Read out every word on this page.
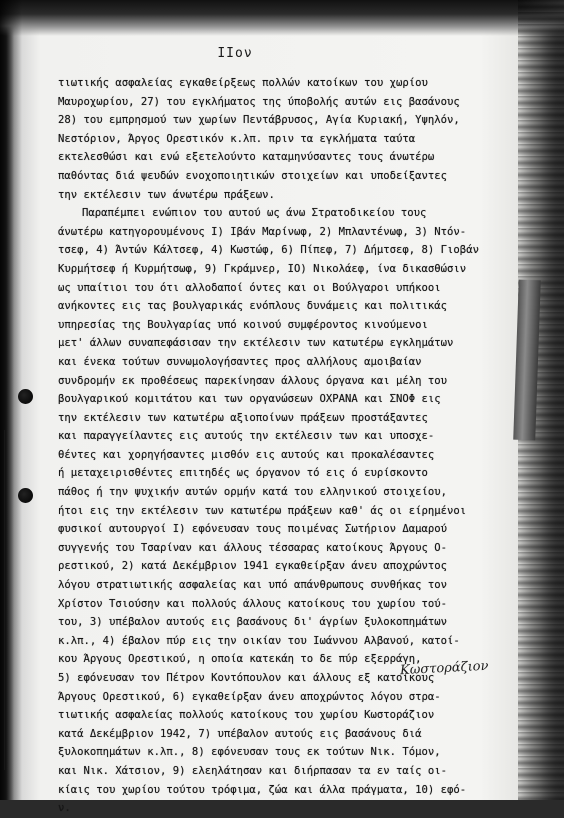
IIον
τιωτικής ασφαλείας εγκαθείρξεως πολλών κατοίκων του χωρίου
Μαυροχωρίου, 27) του εγκλήματος της ύποβολής αυτών εις βασάνους
28) του εμπρησμού των χωρίων Πεντάβρυσος, Αγία Κυριακή, Υψηλόν,
Νεστόριον, Άργος Ορεστικόν κ.λπ. πριν τα εγκλήματα ταύτα
εκτελεσθώσι και ενώ εξετελούντο καταμηνύσαντες τους άνωτέρω
παθόντας διά ψευδών ενοχοποιητικών στοιχείων και υποδείξαντες
την εκτέλεσιν των άνωτέρω πράξεων.
Παραπέμπει ενώπιον του αυτού ως άνω Στρατοδικείου τους
άνωτέρω κατηγορουμένους I) Ιβάν Μαρίνωφ, 2) Μπλαντένωφ, 3) Ντόν-
τσεφ, 4) Άντών Κάλτσεφ, 4) Κωστώφ, 6) Πίπεφ, 7) Δήμτσεφ, 8) Γιοβάν
Κυρμήτσεφ ή Κυρμήτσωφ, 9) Γκράμνερ, IO) Νικολάεφ, ίνα δικασθώσιν
ως υπαίτιοι του ότι αλλοδαποί όντες και οι Βούλγαροι υπήκοοι
ανήκοντες εις τας βουλγαρικάς ενόπλους δυνάμεις και πολιτικάς
υπηρεσίας της Βουλγαρίας υπό κοινού συμφέροντος κινούμενοι
μετ' άλλων συναπεφάσισαν την εκτέλεσιν των κατωτέρω εγκλημάτων
και ένεκα τούτων συνωμολογήσαντες προς αλλήλους αμοιβαίαν
συνδρομήν εκ προθέσεως παρεκίνησαν άλλους όργανα και μέλη του
βουλγαρικού κομιτάτου και των οργανώσεων ΟΧΡΑΝΑ και ΣΝΟΦ εις
την εκτέλεσιν των κατωτέρω αξιοποίνων πράξεων προστάξαντες
και παραγγείλαντες εις αυτούς την εκτέλεσιν των και υποσχε-
θέντες και χορηγήσαντες μισθόν εις αυτούς και προκαλέσαντες
ή μεταχειρισθέντες επιτηδές ως όργανον τό εις ό ευρίσκοντο
πάθος ή την ψυχικήν αυτών ορμήν κατά του ελληνικού στοιχείου,
ήτοι εις την εκτέλεσιν των κατωτέρω πράξεων καθ' άς οι είρημένοι
φυσικοί αυτουργοί I) εφόνευσαν τους ποιμένας Σωτήριον Δαμαρού
συγγενής του Τσαρίναν και άλλους τέσσαρας κατοίκους Άργους Ο-
ρεστικού, 2) κατά Δεκέμβριον 1941 εγκαθείρξαν άνευ αποχρώντος
λόγου στρατιωτικής ασφαλείας και υπό απάνθρωπους συνθήκας τον
Χρίστον Τσιούσην και πολλούς άλλους κατοίκους του χωρίου τού-
του, 3) υπέβαλον αυτούς εις βασάνους δι' άγρίων ξυλοκοπημάτων
κ.λπ., 4) έβαλον πύρ εις την οικίαν του Ιωάννου Αλβανού, κατοί-
κου Άργους Ορεστικού, η οποία κατεκάη το δε πύρ εξερράγη,
5) εφόνευσαν τον Πέτρον Κοντόπουλον και άλλους εξ κατοίκους
Άργους Ορεστικού, 6) εγκαθείρξαν άνευ αποχρώντος λόγου στρα-
τιωτικής ασφαλείας πολλούς κατοίκους του χωρίου Κωστοράζιον
κατά Δεκέμβριον 1942, 7) υπέβαλον αυτούς εις βασάνους διά
ξυλοκοπημάτων κ.λπ., 8) εφόνευσαν τους εκ τούτων Νικ. Τόμον,
και Νικ. Χάτσιον, 9) ελεηλάτησαν και διήρπασαν τα εν ταίς οι-
κίαις του χωρίου τούτου τρόφιμα, ζώα και άλλα πράγματα, 10) εφό-
ν.
Κωστοράζιον
